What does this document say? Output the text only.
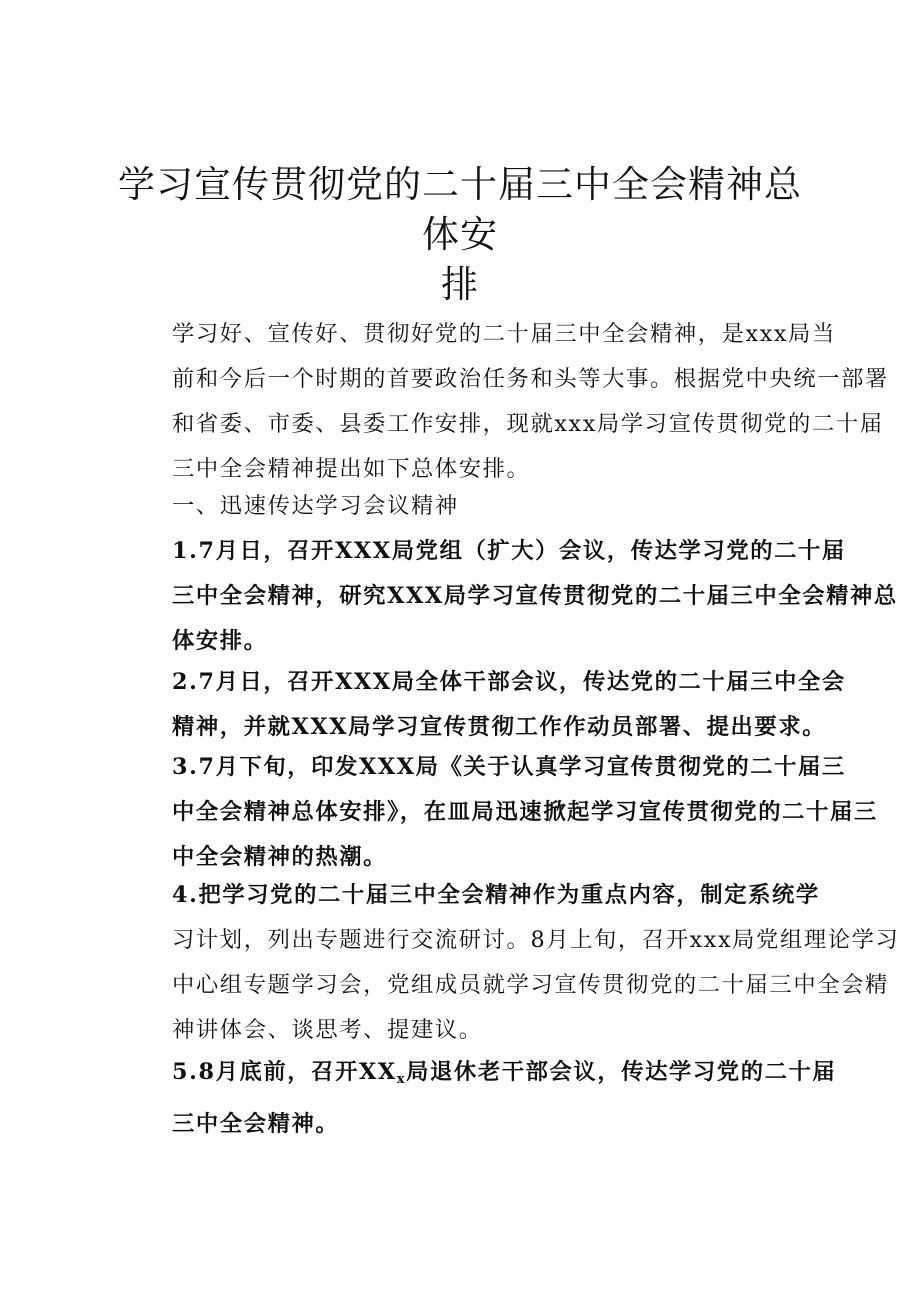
学习宣传贯彻党的二十届三中全会精神总体安
排

学习好、宣传好、贯彻好党的二十届三中全会精神，是xxx局当
前和今后一个时期的首要政治任务和头等大事。根据党中央统一部署
和省委、市委、县委工作安排，现就xxx局学习宣传贯彻党的二十届
三中全会精神提出如下总体安排。

一、迅速传达学习会议精神

1.7月日，召开XXX局党组（扩大）会议，传达学习党的二十届
三中全会精神，研究XXX局学习宣传贯彻党的二十届三中全会精神总
体安排。

2.7月日，召开XXX局全体干部会议，传达党的二十届三中全会
精神，并就XXX局学习宣传贯彻工作作动员部署、提出要求。

3.7月下旬，印发XXX局《关于认真学习宣传贯彻党的二十届三
中全会精神总体安排》，在皿局迅速掀起学习宣传贯彻党的二十届三
中全会精神的热潮。

4.把学习党的二十届三中全会精神作为重点内容，制定系统学
习计划，列出专题进行交流研讨。8月上旬，召开xxx局党组理论学习
中心组专题学习会，党组成员就学习宣传贯彻党的二十届三中全会精
神讲体会、谈思考、提建议。

5.8月底前，召开$XX_x$局退休老干部会议，传达学习党的二十届
三中全会精神。
